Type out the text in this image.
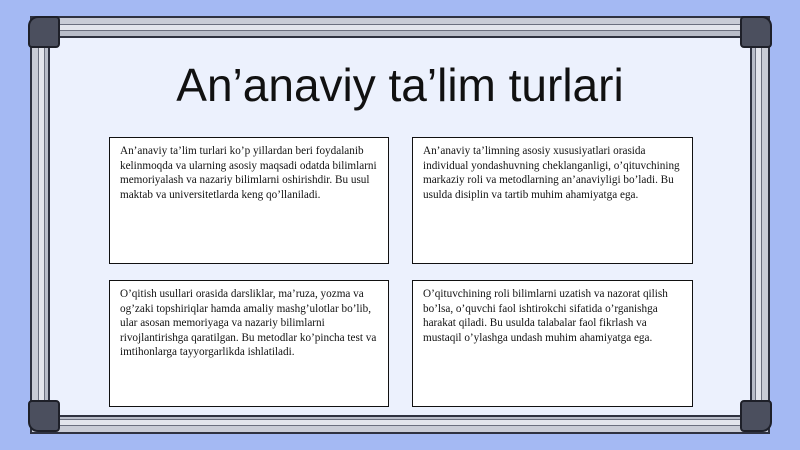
An’anaviy ta’lim turlari
An’anaviy ta’lim turlari ko’p yillardan beri foydalanib kelinmoqda va ularning asosiy maqsadi odatda bilimlarni memoriyalash va nazariy bilimlarni oshirishdir. Bu usul maktab va universitetlarda keng qo’llaniladi.
An’anaviy ta’limning asosiy xususiyatlari orasida individual yondashuvning cheklanganligi, o’qituvchining markaziy roli va metodlarning an’anaviyligi bo’ladi. Bu usulda disiplin va tartib muhim ahamiyatga ega.
O’qitish usullari orasida darsliklar, ma’ruza, yozma va og’zaki topshiriqlar hamda amaliy mashg’ulotlar bo’lib, ular asosan memoriyaga va nazariy bilimlarni rivojlantirishga qaratilgan. Bu metodlar ko’pincha test va imtihonlarga tayyorgarlikda ishlatiladi.
O’qituvchining roli bilimlarni uzatish va nazorat qilish bo’lsa, o’quvchi faol ishtirokchi sifatida o’rganishga harakat qiladi. Bu usulda talabalar faol fikrlash va mustaqil o’ylashga undash muhim ahamiyatga ega.
